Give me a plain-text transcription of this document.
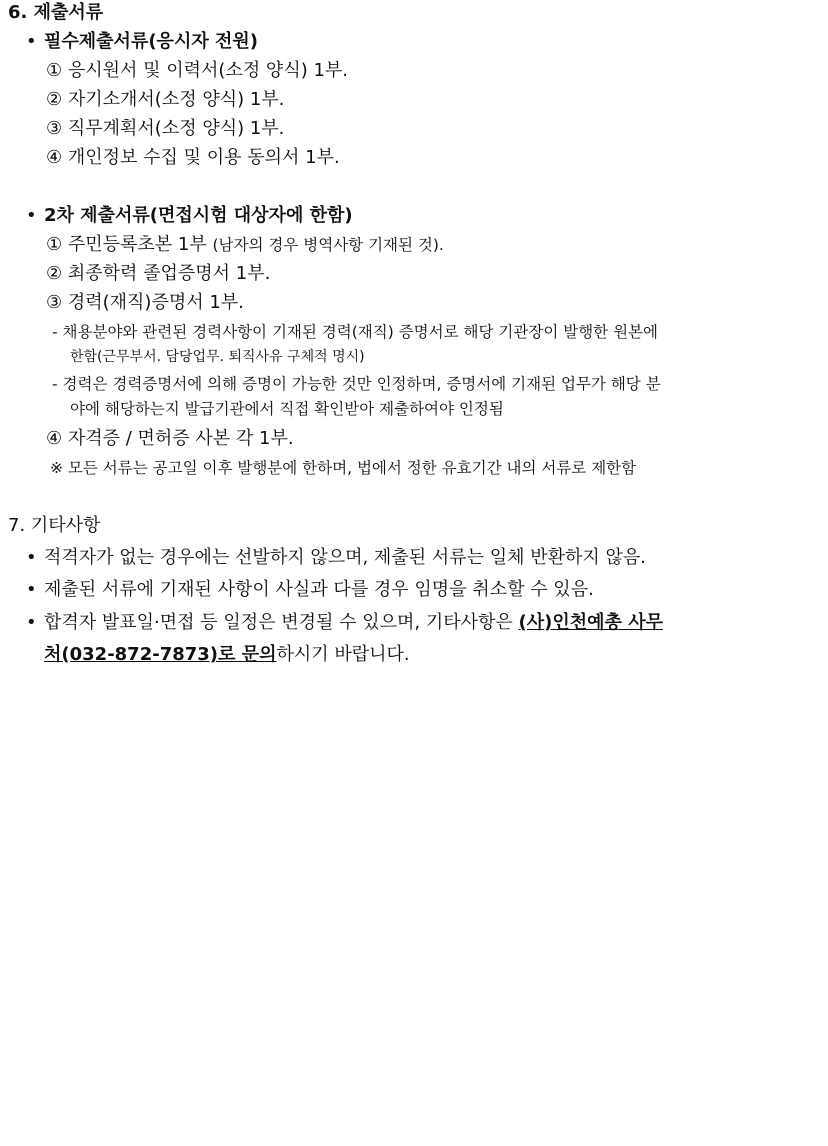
6. 제출서류
• 필수제출서류(응시자 전원)
① 응시원서 및 이력서(소정 양식) 1부.
② 자기소개서(소정 양식) 1부.
③ 직무계획서(소정 양식) 1부.
④ 개인정보 수집 및 이용 동의서 1부.
• 2차 제출서류(면접시험 대상자에 한함)
① 주민등록초본 1부 (남자의 경우 병역사항 기재된 것).
② 최종학력 졸업증명서 1부.
③ 경력(재직)증명서 1부.
- 채용분야와 관련된 경력사항이 기재된 경력(재직) 증명서로 해당 기관장이 발행한 원본에
한함(근무부서. 담당업무. 퇴직사유 구체적 명시)
- 경력은 경력증명서에 의해 증명이 가능한 것만 인정하며, 증명서에 기재된 업무가 해당 분
야에 해당하는지 발급기관에서 직접 확인받아 제출하여야 인정됨
④ 자격증 / 면허증 사본 각 1부.
※ 모든 서류는 공고일 이후 발행분에 한하며, 법에서 정한 유효기간 내의 서류로 제한함
7. 기타사항
• 적격자가 없는 경우에는 선발하지 않으며, 제출된 서류는 일체 반환하지 않음.
• 제출된 서류에 기재된 사항이 사실과 다를 경우 임명을 취소할 수 있음.
• 합격자 발표일·면접 등 일정은 변경될 수 있으며, 기타사항은 (사)인천예총 사무
처(032-872-7873)로 문의하시기 바랍니다.
